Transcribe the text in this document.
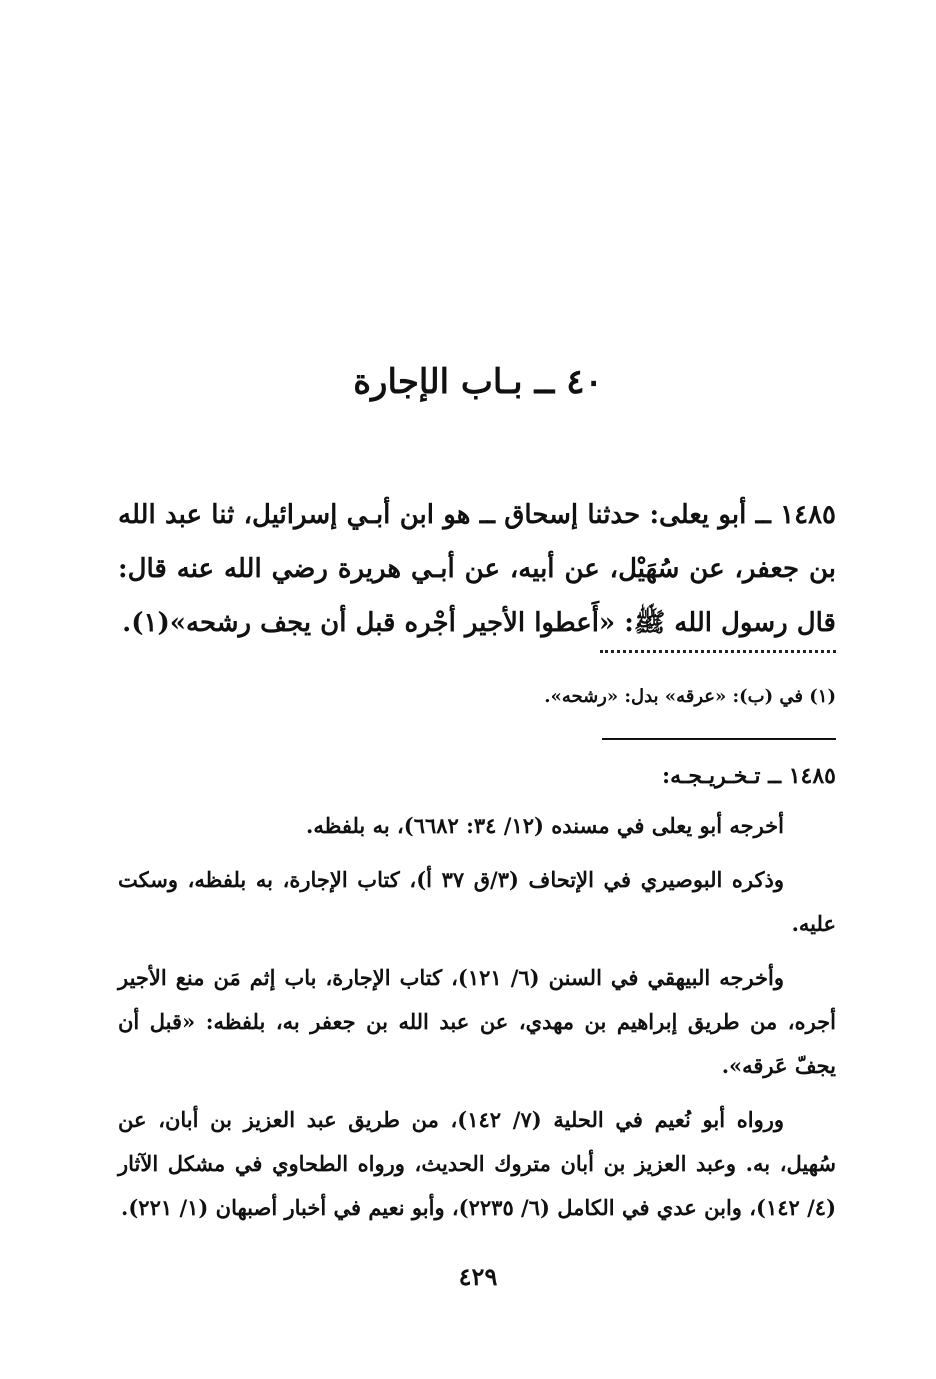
٤٠ ــ بـاب الإجارة
١٤٨٥ ــ أبو يعلى: حدثنا إسحاق ــ هو ابن أبـي إسرائيل، ثنا عبد الله بن جعفر، عن سُهَيْل، عن أبيه، عن أبـي هريرة رضي الله عنه قال: قال رسول الله ﷺ: «أَعطوا الأجير أجْره قبل أن يجف رشحه»(١).
(١) في (ب): «عرقه» بدل: «رشحه».
١٤٨٥ ــ تـخـريـجـه:

أخرجه أبو يعلى في مسنده (١٢/ ٣٤: ٦٦٨٢)، به بلفظه.

وذكره البوصيري في الإتحاف (٣/ق ٣٧ أ)، كتاب الإجارة، به بلفظه، وسكت عليه.

وأخرجه البيهقي في السنن (٦/ ١٢١)، كتاب الإجارة، باب إثم مَن منع الأجير أجره، من طريق إبراهيم بن مهدي، عن عبد الله بن جعفر به، بلفظه: «قبل أن يجفّ عَرقه».

ورواه أبو نُعيم في الحلية (٧/ ١٤٢)، من طريق عبد العزيز بن أبان، عن سُهيل، به. وعبد العزيز بن أبان متروك الحديث، ورواه الطحاوي في مشكل الآثار (٤/ ١٤٢)، وابن عدي في الكامل (٦/ ٢٢٣٥)، وأبو نعيم في أخبار أصبهان (١/ ٢٢١).

٤٢٩
